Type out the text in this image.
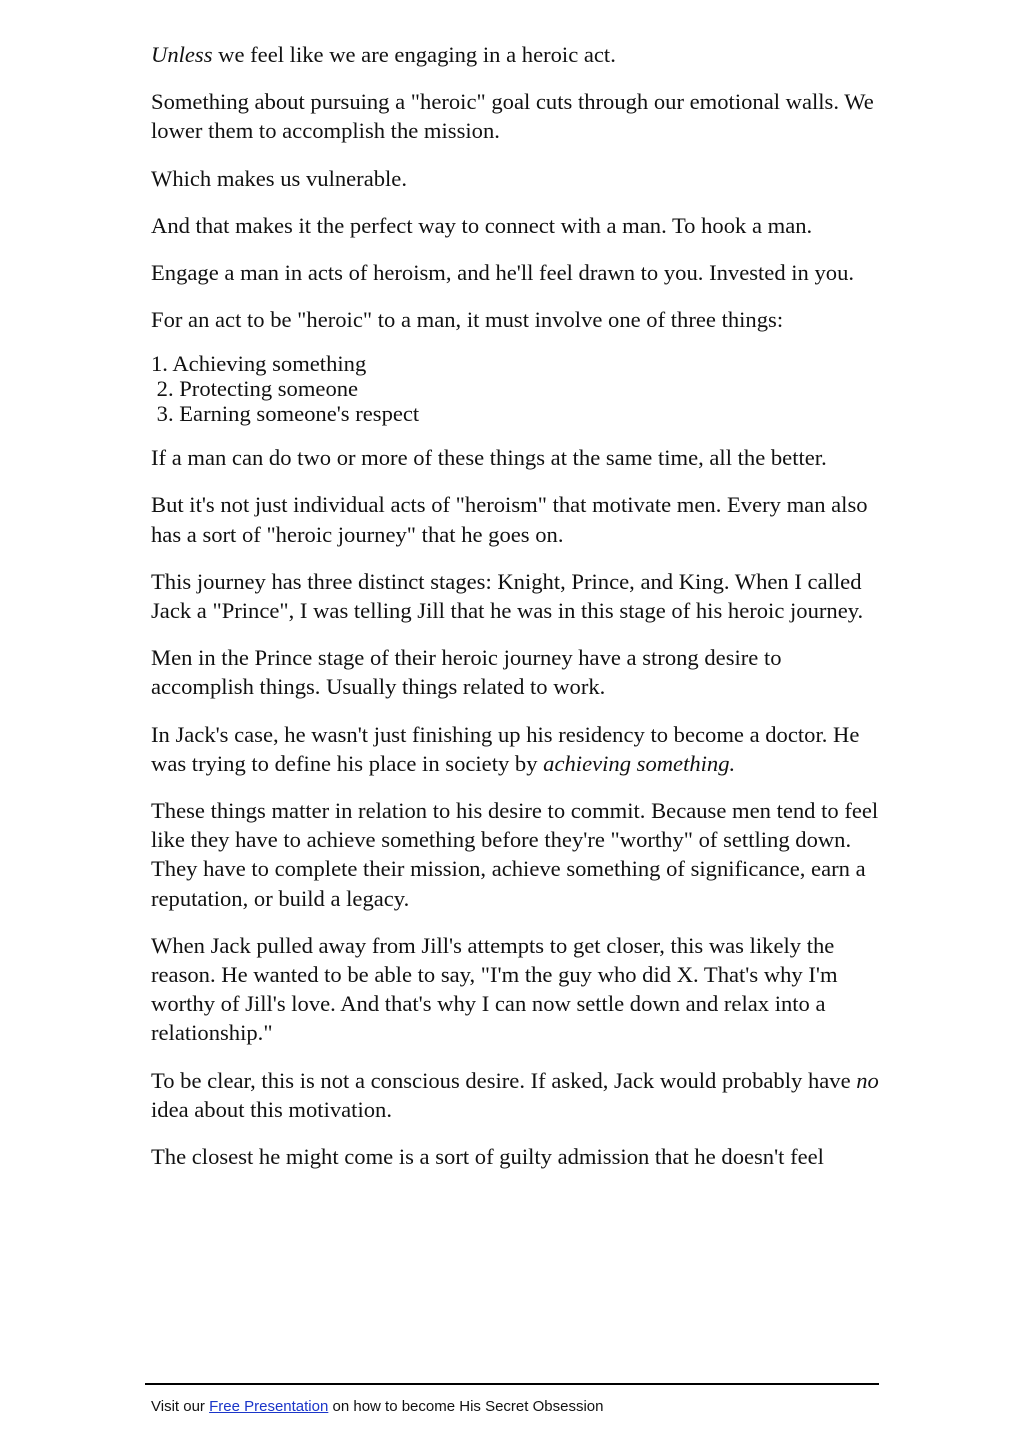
Unless we feel like we are engaging in a heroic act.

Something about pursuing a "heroic" goal cuts through our emotional walls. We lower them to accomplish the mission.

Which makes us vulnerable.

And that makes it the perfect way to connect with a man. To hook a man.

Engage a man in acts of heroism, and he'll feel drawn to you. Invested in you.

For an act to be "heroic" to a man, it must involve one of three things:

1. Achieving something
2. Protecting someone
3. Earning someone's respect

If a man can do two or more of these things at the same time, all the better.

But it's not just individual acts of "heroism" that motivate men. Every man also has a sort of "heroic journey" that he goes on.

This journey has three distinct stages: Knight, Prince, and King. When I called Jack a "Prince", I was telling Jill that he was in this stage of his heroic journey.

Men in the Prince stage of their heroic journey have a strong desire to accomplish things. Usually things related to work.

In Jack's case, he wasn't just finishing up his residency to become a doctor. He was trying to define his place in society by achieving something.

These things matter in relation to his desire to commit. Because men tend to feel like they have to achieve something before they're "worthy" of settling down. They have to complete their mission, achieve something of significance, earn a reputation, or build a legacy.

When Jack pulled away from Jill's attempts to get closer, this was likely the reason. He wanted to be able to say, "I'm the guy who did X. That's why I'm worthy of Jill's love. And that's why I can now settle down and relax into a relationship."

To be clear, this is not a conscious desire. If asked, Jack would probably have no idea about this motivation.

The closest he might come is a sort of guilty admission that he doesn't feel

Visit our Free Presentation on how to become His Secret Obsession
